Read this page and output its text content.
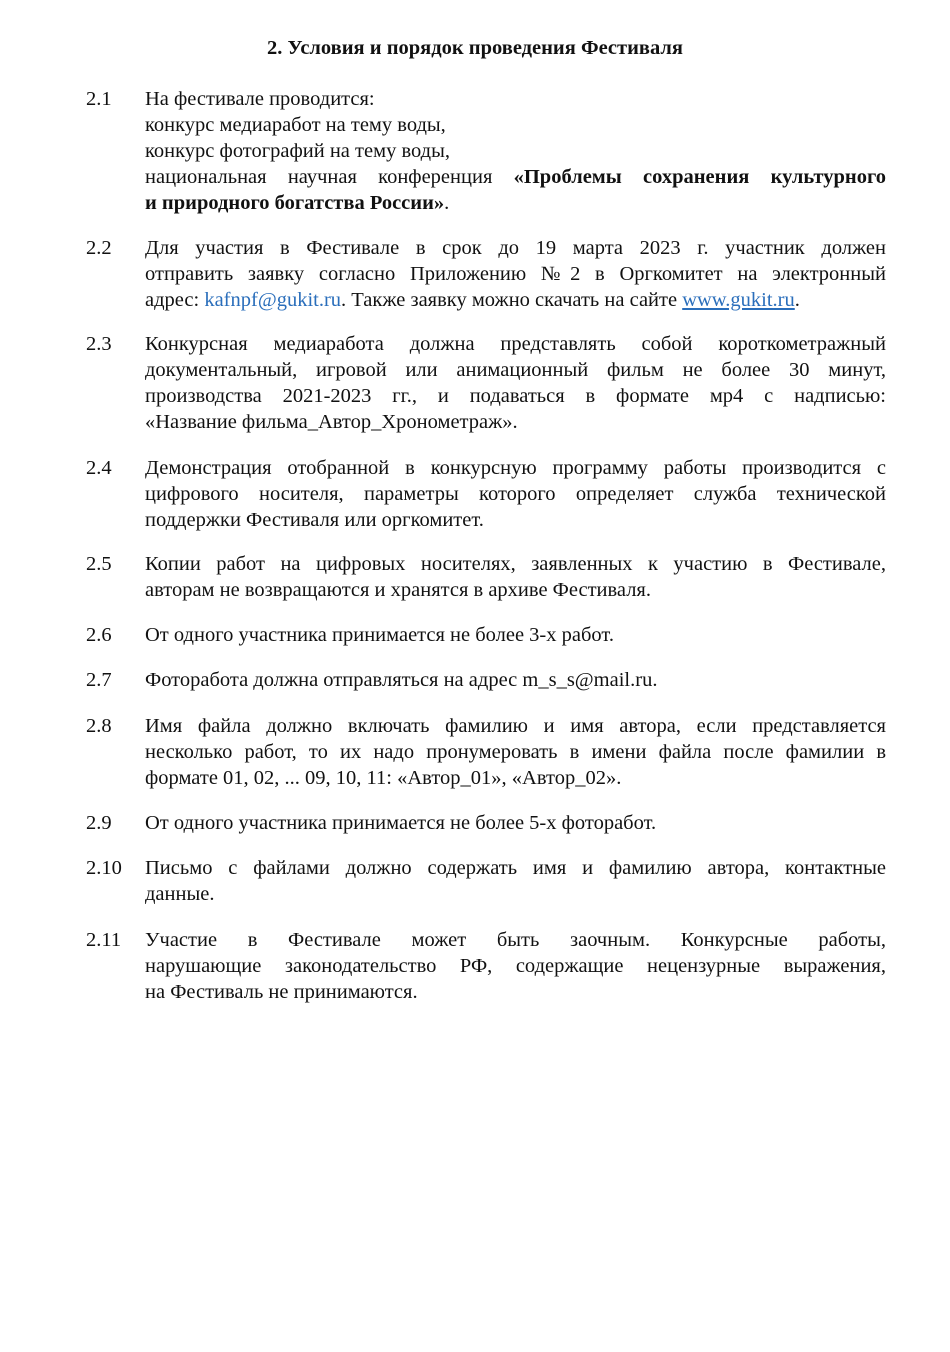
2. Условия и порядок проведения Фестиваля
2.1	На фестивале проводится:
конкурс медиаработ на тему воды,
конкурс фотографий на тему воды,
национальная научная конференция «Проблемы сохранения культурного
и природного богатства России».
2.2	Для участия в Фестивале в срок до 19 марта 2023 г. участник должен
отправить заявку согласно Приложению №2 в Оргкомитет на электронный
адрес: kafnpf@gukit.ru. Также заявку можно скачать на сайте www.gukit.ru.
2.3	Конкурсная медиаработа должна представлять собой короткометражный
документальный, игровой или анимационный фильм не более 30 минут,
производства 2021-2023 гг., и подаваться в формате мр4 с надписью:
«Название фильма_Автор_Хронометраж».
2.4	Демонстрация отобранной в конкурсную программу работы производится с
цифрового носителя, параметры которого определяет служба технической
поддержки Фестиваля или оргкомитет.
2.5	Копии работ на цифровых носителях, заявленных к участию в Фестивале,
авторам не возвращаются и хранятся в архиве Фестиваля.
2.6	От одного участника принимается не более 3-х работ.
2.7	Фоторабота должна отправляться на адрес m_s_s@mail.ru.
2.8	Имя файла должно включать фамилию и имя автора, если представляется
несколько работ, то их надо пронумеровать в имени файла после фамилии в
формате 01, 02, ... 09, 10, 11: «Автор_01», «Автор_02».
2.9	От одного участника принимается не более 5-х фоторабот.
2.10	Письмо с файлами должно содержать имя и фамилию автора, контактные
данные.
2.11	Участие в Фестивале может быть заочным. Конкурсные работы,
нарушающие законодательство РФ, содержащие нецензурные выражения,
на Фестиваль не принимаются.
